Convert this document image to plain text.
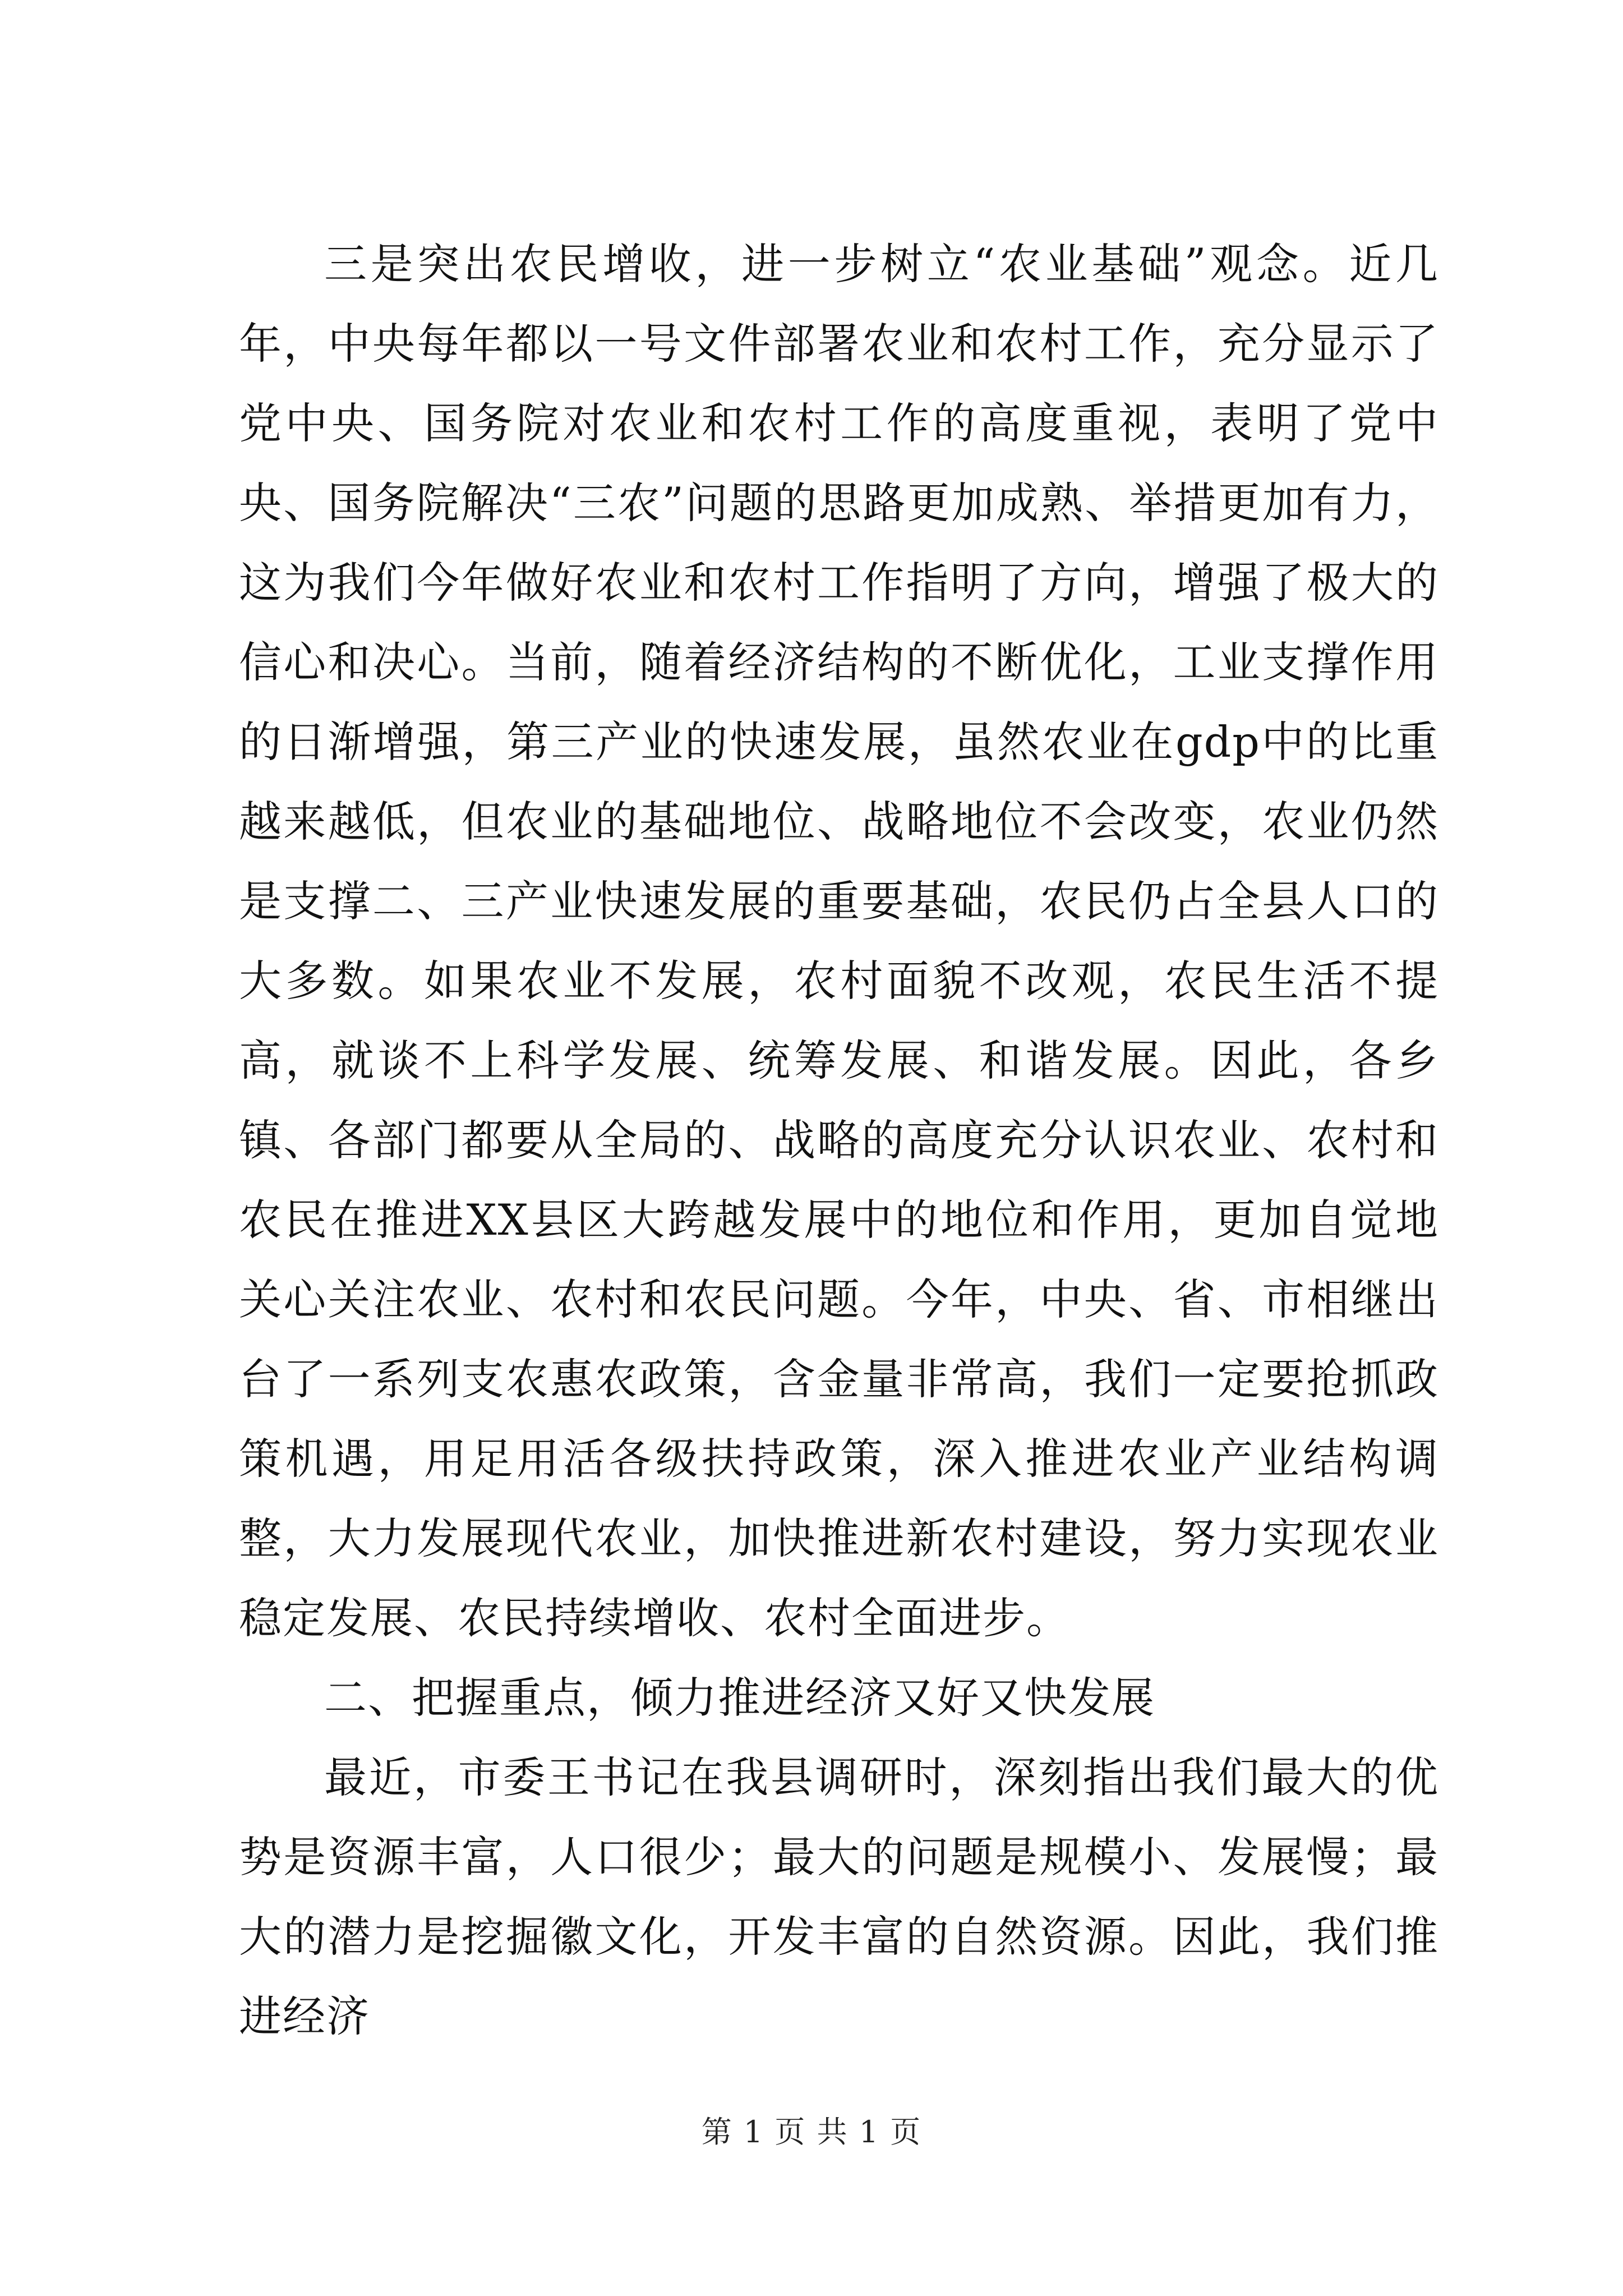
三是突出农民增收，进一步树立“农业基础”观念。近几年，中央每年都以一号文件部署农业和农村工作，充分显示了党中央、国务院对农业和农村工作的高度重视，表明了党中央、国务院解决“三农”问题的思路更加成熟、举措更加有力，这为我们今年做好农业和农村工作指明了方向，增强了极大的信心和决心。当前，随着经济结构的不断优化，工业支撑作用的日渐增强，第三产业的快速发展，虽然农业在gdp中的比重越来越低，但农业的基础地位、战略地位不会改变，农业仍然是支撑二、三产业快速发展的重要基础，农民仍占全县人口的大多数。如果农业不发展，农村面貌不改观，农民生活不提高，就谈不上科学发展、统筹发展、和谐发展。因此，各乡镇、各部门都要从全局的、战略的高度充分认识农业、农村和农民在推进XX县区大跨越发展中的地位和作用，更加自觉地关心关注农业、农村和农民问题。今年，中央、省、市相继出台了一系列支农惠农政策，含金量非常高，我们一定要抢抓政策机遇，用足用活各级扶持政策，深入推进农业产业结构调整，大力发展现代农业，加快推进新农村建设，努力实现农业稳定发展、农民持续增收、农村全面进步。

二、把握重点，倾力推进经济又好又快发展

最近，市委王书记在我县调研时，深刻指出我们最大的优势是资源丰富，人口很少；最大的问题是规模小、发展慢；最大的潜力是挖掘徽文化，开发丰富的自然资源。因此，我们推进经济

第 1 页 共 1 页
